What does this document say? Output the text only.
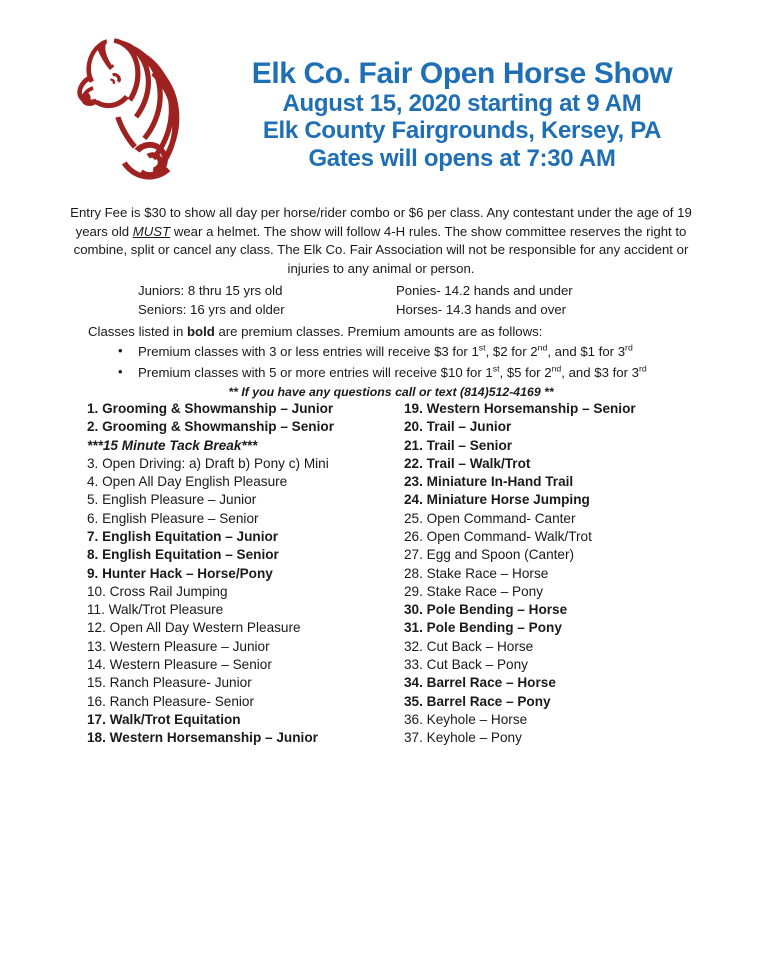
Elk Co. Fair Open Horse Show
August 15, 2020 starting at 9 AM
Elk County Fairgrounds, Kersey, PA
Gates will opens at 7:30 AM

Entry Fee is $30 to show all day per horse/rider combo or $6 per class. Any contestant under the age of 19 years old MUST wear a helmet. The show will follow 4-H rules. The show committee reserves the right to combine, split or cancel any class. The Elk Co. Fair Association will not be responsible for any accident or injuries to any animal or person.

Juniors: 8 thru 15 yrs old	Ponies- 14.2 hands and under
Seniors: 16 yrs and older	Horses- 14.3 hands and over

Classes listed in bold are premium classes. Premium amounts are as follows:

• Premium classes with 3 or less entries will receive $3 for 1st, $2 for 2nd, and $1 for 3rd
• Premium classes with 5 or more entries will receive $10 for 1st, $5 for 2nd, and $3 for 3rd

** If you have any questions call or text (814)512-4169 **

1. Grooming & Showmanship – Junior
2. Grooming & Showmanship – Senior
***15 Minute Tack Break***
3. Open Driving: a) Draft b) Pony c) Mini
4. Open All Day English Pleasure
5. English Pleasure – Junior
6. English Pleasure – Senior
7. English Equitation – Junior
8. English Equitation – Senior
9. Hunter Hack – Horse/Pony
10. Cross Rail Jumping
11. Walk/Trot Pleasure
12. Open All Day Western Pleasure
13. Western Pleasure – Junior
14. Western Pleasure – Senior
15. Ranch Pleasure- Junior
16. Ranch Pleasure- Senior
17. Walk/Trot Equitation
18. Western Horsemanship – Junior
19. Western Horsemanship – Senior
20. Trail – Junior
21. Trail – Senior
22. Trail – Walk/Trot
23. Miniature In-Hand Trail
24. Miniature Horse Jumping
25. Open Command- Canter
26. Open Command- Walk/Trot
27. Egg and Spoon (Canter)
28. Stake Race – Horse
29. Stake Race – Pony
30. Pole Bending – Horse
31. Pole Bending – Pony
32. Cut Back – Horse
33. Cut Back – Pony
34. Barrel Race – Horse
35. Barrel Race – Pony
36. Keyhole – Horse
37. Keyhole – Pony
